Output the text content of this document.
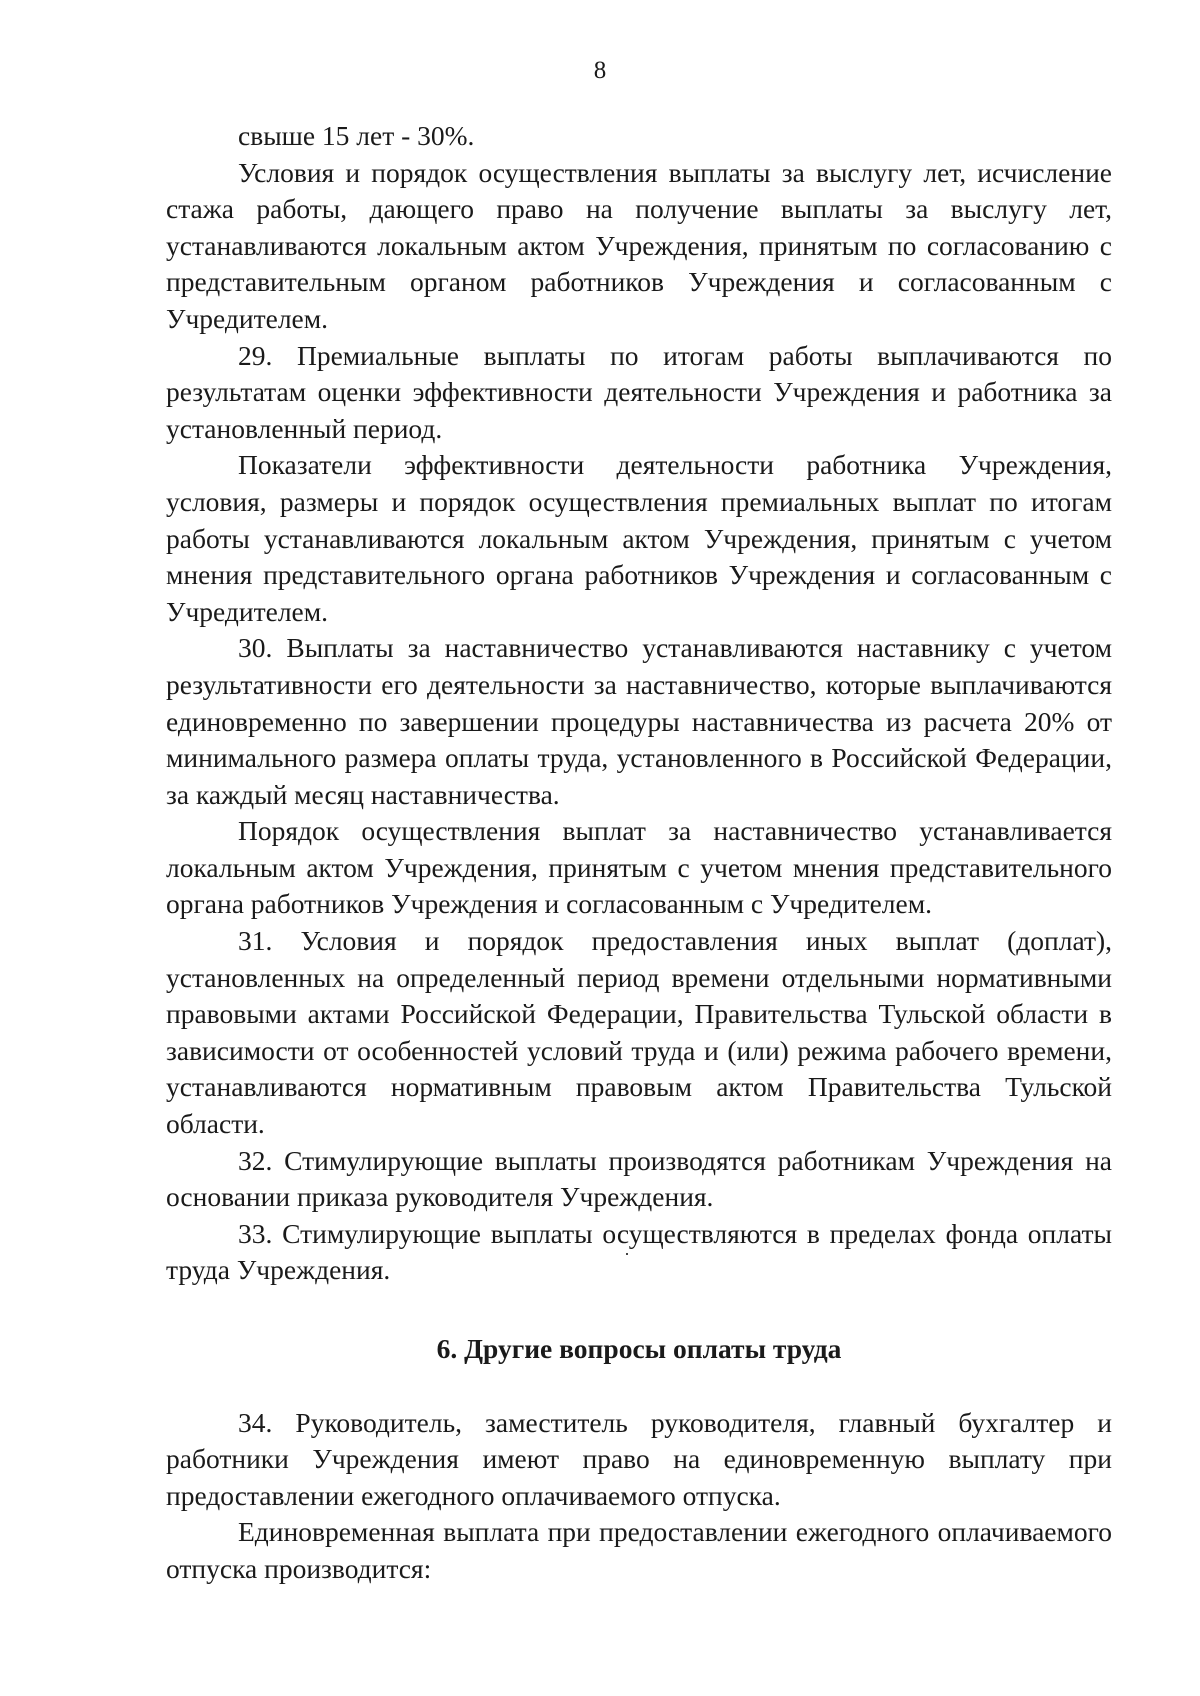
8

свыше 15 лет - 30%.

Условия и порядок осуществления выплаты за выслугу лет, исчисление стажа работы, дающего право на получение выплаты за выслугу лет, устанавливаются локальным актом Учреждения, принятым по согласованию с представительным органом работников Учреждения и согласованным с Учредителем.

29. Премиальные выплаты по итогам работы выплачиваются по результатам оценки эффективности деятельности Учреждения и работника за установленный период.

Показатели эффективности деятельности работника Учреждения, условия, размеры и порядок осуществления премиальных выплат по итогам работы устанавливаются локальным актом Учреждения, принятым с учетом мнения представительного органа работников Учреждения и согласованным с Учредителем.

30. Выплаты за наставничество устанавливаются наставнику с учетом результативности его деятельности за наставничество, которые выплачиваются единовременно по завершении процедуры наставничества из расчета 20% от минимального размера оплаты труда, установленного в Российской Федерации, за каждый месяц наставничества.

Порядок осуществления выплат за наставничество устанавливается локальным актом Учреждения, принятым с учетом мнения представительного органа работников Учреждения и согласованным с Учредителем.

31. Условия и порядок предоставления иных выплат (доплат), установленных на определенный период времени отдельными нормативными правовыми актами Российской Федерации, Правительства Тульской области в зависимости от особенностей условий труда и (или) режима рабочего времени, устанавливаются нормативным правовым актом Правительства Тульской области.

32. Стимулирующие выплаты производятся работникам Учреждения на основании приказа руководителя Учреждения.

33. Стимулирующие выплаты осуществляются в пределах фонда оплаты труда Учреждения.

6. Другие вопросы оплаты труда

34. Руководитель, заместитель руководителя, главный бухгалтер и работники Учреждения имеют право на единовременную выплату при предоставлении ежегодного оплачиваемого отпуска.

Единовременная выплата при предоставлении ежегодного оплачиваемого отпуска производится:
